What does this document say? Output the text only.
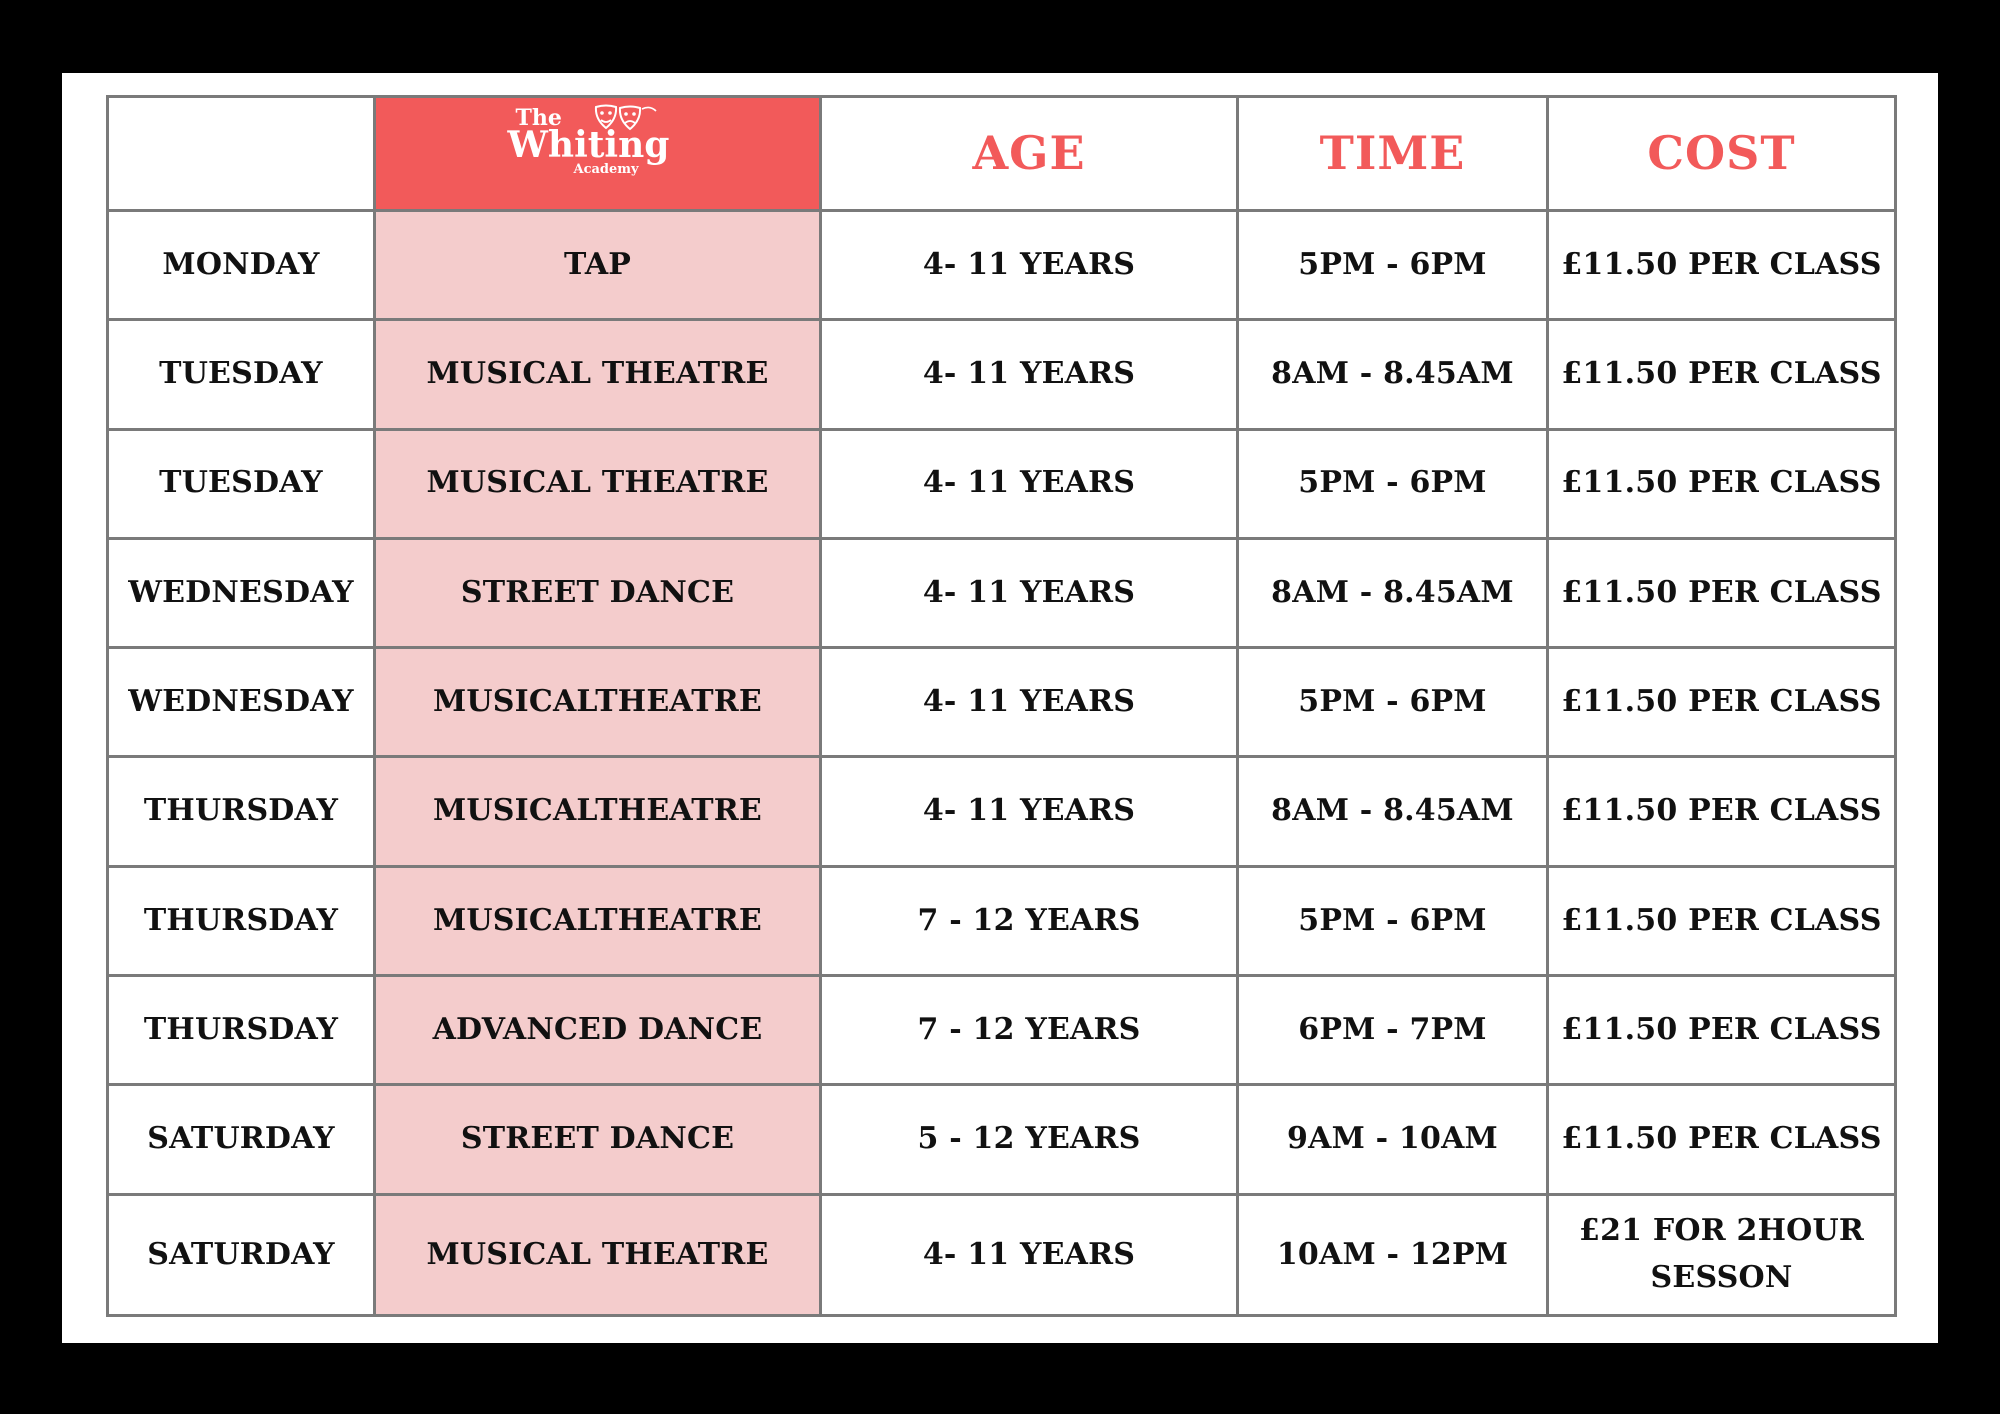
	The
Whiting
Academy	AGE	TIME	COST
MONDAY	TAP	4- 11 YEARS	5PM - 6PM	£11.50 PER CLASS
TUESDAY	MUSICAL THEATRE	4- 11 YEARS	8AM - 8.45AM	£11.50 PER CLASS
TUESDAY	MUSICAL THEATRE	4- 11 YEARS	5PM - 6PM	£11.50 PER CLASS
WEDNESDAY	STREET DANCE	4- 11 YEARS	8AM - 8.45AM	£11.50 PER CLASS
WEDNESDAY	MUSICALTHEATRE	4- 11 YEARS	5PM - 6PM	£11.50 PER CLASS
THURSDAY	MUSICALTHEATRE	4- 11 YEARS	8AM - 8.45AM	£11.50 PER CLASS
THURSDAY	MUSICALTHEATRE	7 - 12 YEARS	5PM - 6PM	£11.50 PER CLASS
THURSDAY	ADVANCED DANCE	7 - 12 YEARS	6PM - 7PM	£11.50 PER CLASS
SATURDAY	STREET DANCE	5 - 12 YEARS	9AM - 10AM	£11.50 PER CLASS
SATURDAY	MUSICAL THEATRE	4- 11 YEARS	10AM - 12PM	£21 FOR 2HOUR SESSON
